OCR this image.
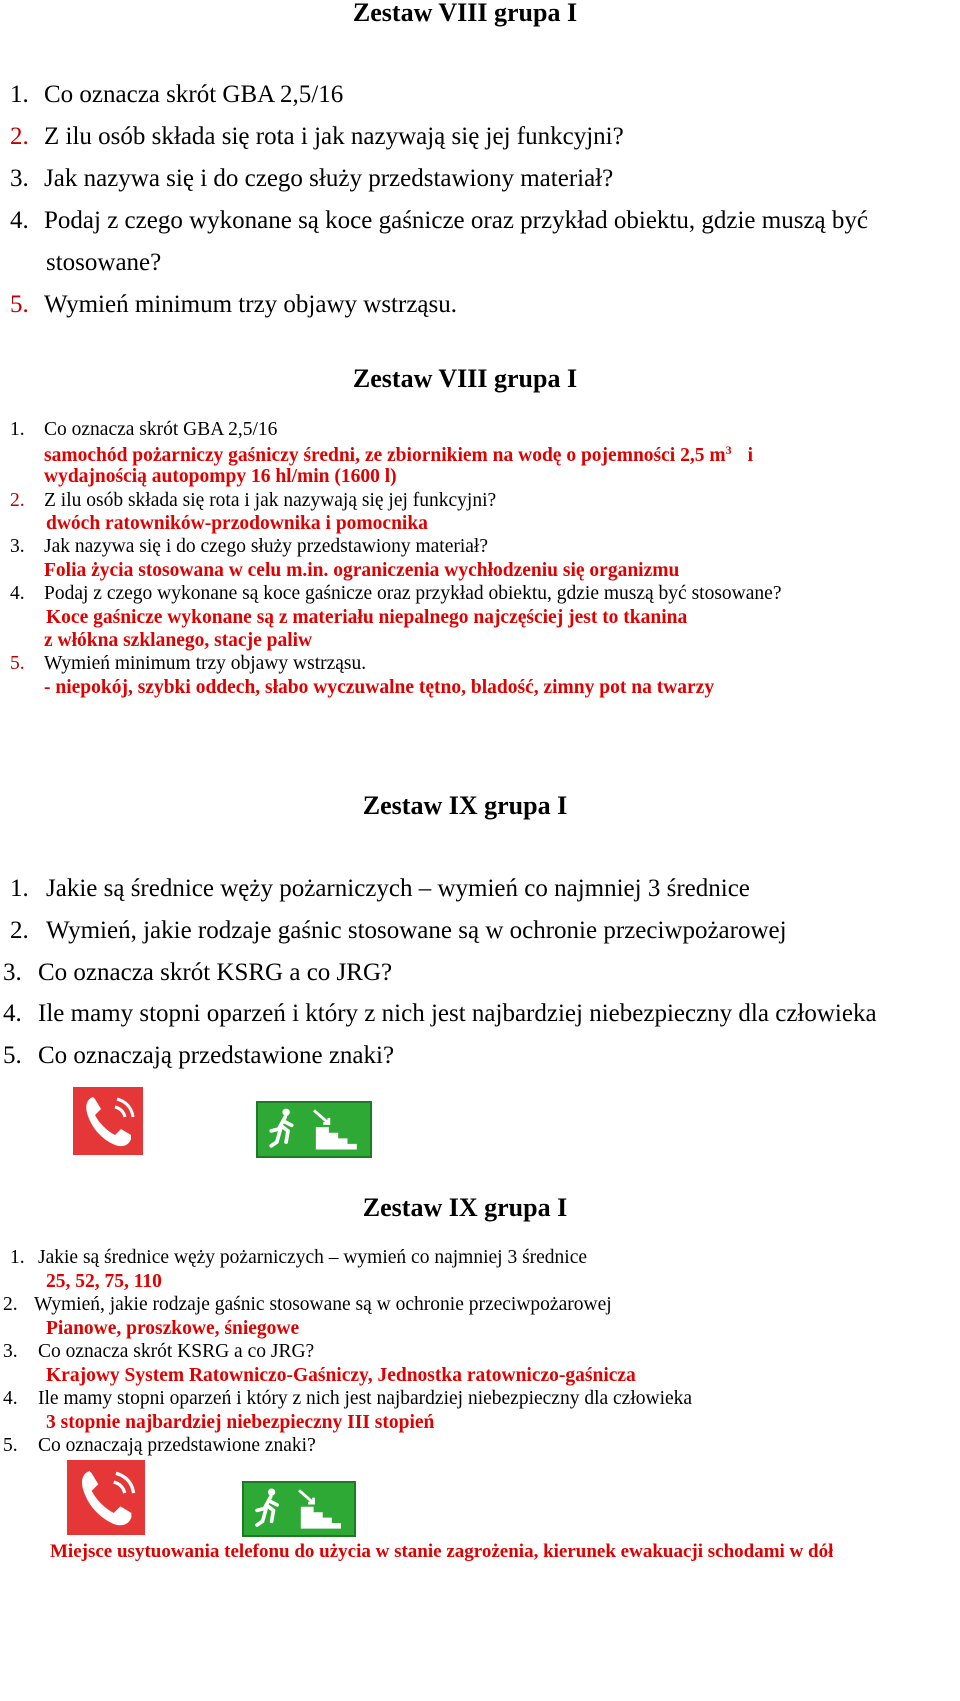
Zestaw VIII grupa I
1. Co oznacza skrót GBA 2,5/16
2. Z ilu osób składa się rota i jak nazywają się jej funkcyjni?
3. Jak nazywa się i do czego służy przedstawiony materiał?
4. Podaj z czego wykonane są koce gaśnicze oraz przykład obiektu, gdzie muszą być
stosowane?
5. Wymień minimum trzy objawy wstrząsu.
Zestaw VIII grupa I
1. Co oznacza skrót GBA 2,5/16
samochód pożarniczy gaśniczy średni, ze zbiornikiem na wodę o pojemności 2,5 $m^3$ i
wydajnością autopompy 16 hl/min (1600 l)
2. Z ilu osób składa się rota i jak nazywają się jej funkcyjni?
dwóch ratowników-przodownika i pomocnika
3. Jak nazywa się i do czego służy przedstawiony materiał?
Folia życia stosowana w celu m.in. ograniczenia wychłodzeniu się organizmu
4. Podaj z czego wykonane są koce gaśnicze oraz przykład obiektu, gdzie muszą być stosowane?
Koce gaśnicze wykonane są z materiału niepalnego najczęściej jest to tkanina
z włókna szklanego, stacje paliw
5. Wymień minimum trzy objawy wstrząsu.
- niepokój, szybki oddech, słabo wyczuwalne tętno, bladość, zimny pot na twarzy
Zestaw IX grupa I
1. Jakie są średnice węży pożarniczych – wymień co najmniej 3 średnice
2. Wymień, jakie rodzaje gaśnic stosowane są w ochronie przeciwpożarowej
3. Co oznacza skrót KSRG a co JRG?
4. Ile mamy stopni oparzeń i który z nich jest najbardziej niebezpieczny dla człowieka
5. Co oznaczają przedstawione znaki?
Zestaw IX grupa I
1. Jakie są średnice węży pożarniczych – wymień co najmniej 3 średnice
25, 52, 75, 110
2. Wymień, jakie rodzaje gaśnic stosowane są w ochronie przeciwpożarowej
Pianowe, proszkowe, śniegowe
3. Co oznacza skrót KSRG a co JRG?
Krajowy System Ratowniczo-Gaśniczy, Jednostka ratowniczo-gaśnicza
4. Ile mamy stopni oparzeń i który z nich jest najbardziej niebezpieczny dla człowieka
3 stopnie najbardziej niebezpieczny III stopień
5. Co oznaczają przedstawione znaki?
Miejsce usytuowania telefonu do użycia w stanie zagrożenia, kierunek ewakuacji schodami w dół
